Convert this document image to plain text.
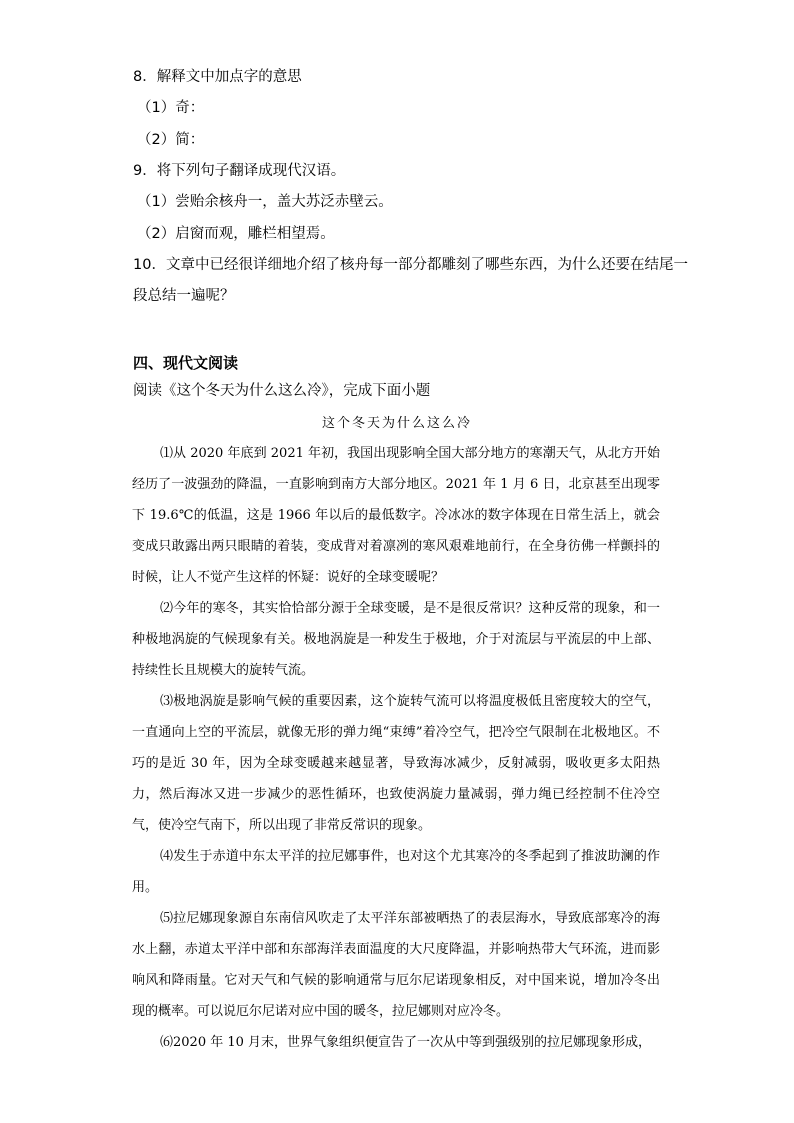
8．解释文中加点字的意思
（1）奇：
（2）简：
9．将下列句子翻译成现代汉语。
（1）尝贻余核舟一，盖大苏泛赤壁云。
（2）启窗而观，雕栏相望焉。
10．文章中已经很详细地介绍了核舟每一部分都雕刻了哪些东西，为什么还要在结尾一
段总结一遍呢？
四、现代文阅读
阅读《这个冬天为什么这么冷》，完成下面小题
这个冬天为什么这么冷
⑴从 2020 年底到 2021 年初，我国出现影响全国大部分地方的寒潮天气，从北方开始经历了一波强劲的降温，一直影响到南方大部分地区。2021 年 1 月 6 日，北京甚至出现零下 19.6℃的低温，这是 1966 年以后的最低数字。冷冰冰的数字体现在日常生活上，就会变成只敢露出两只眼睛的着装，变成背对着凛冽的寒风艰难地前行，在全身彷佛一样颤抖的时候，让人不觉产生这样的怀疑：说好的全球变暖呢？
⑵今年的寒冬，其实恰恰部分源于全球变暖，是不是很反常识？这种反常的现象，和一种极地涡旋的气候现象有关。极地涡旋是一种发生于极地，介于对流层与平流层的中上部、持续性长且规模大的旋转气流。
⑶极地涡旋是影响气候的重要因素，这个旋转气流可以将温度极低且密度较大的空气，一直通向上空的平流层，就像无形的弹力绳“束缚”着冷空气，把冷空气限制在北极地区。不巧的是近 30 年，因为全球变暖越来越显著，导致海冰减少，反射减弱，吸收更多太阳热力，然后海冰又进一步减少的恶性循环，也致使涡旋力量减弱，弹力绳已经控制不住冷空气，使冷空气南下，所以出现了非常反常识的现象。
⑷发生于赤道中东太平洋的拉尼娜事件，也对这个尤其寒冷的冬季起到了推波助澜的作用。
⑸拉尼娜现象源自东南信风吹走了太平洋东部被晒热了的表层海水，导致底部寒冷的海水上翻，赤道太平洋中部和东部海洋表面温度的大尺度降温，并影响热带大气环流，进而影响风和降雨量。它对天气和气候的影响通常与厄尔尼诺现象相反，对中国来说，增加冷冬出现的概率。可以说厄尔尼诺对应中国的暖冬，拉尼娜则对应冷冬。
⑹2020 年 10 月末，世界气象组织便宣告了一次从中等到强级别的拉尼娜现象形成，
